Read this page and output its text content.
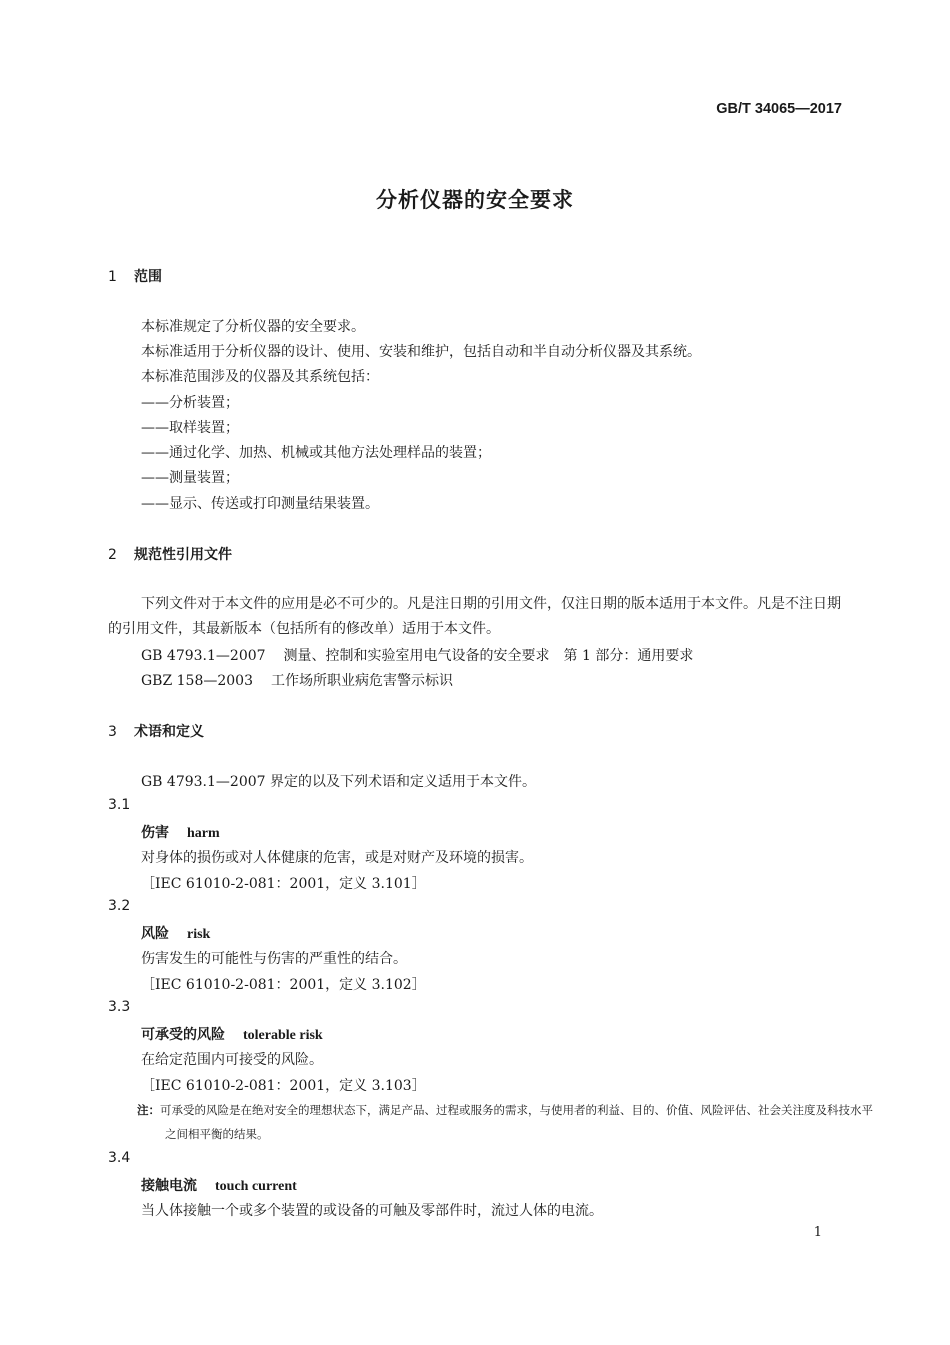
GB/T 34065—2017
分析仪器的安全要求
1 范围
本标准规定了分析仪器的安全要求。
本标准适用于分析仪器的设计、使用、安装和维护，包括自动和半自动分析仪器及其系统。
本标准范围涉及的仪器及其系统包括：
——分析装置；
——取样装置；
——通过化学、加热、机械或其他方法处理样品的装置；
——测量装置；
——显示、传送或打印测量结果装置。
2 规范性引用文件
下列文件对于本文件的应用是必不可少的。凡是注日期的引用文件，仅注日期的版本适用于本文件。凡是不注日期的引用文件，其最新版本（包括所有的修改单）适用于本文件。
GB 4793.1—2007 测量、控制和实验室用电气设备的安全要求　第 1 部分：通用要求
GBZ 158—2003 工作场所职业病危害警示标识
3 术语和定义
GB 4793.1—2007 界定的以及下列术语和定义适用于本文件。
3.1
伤害 harm
对身体的损伤或对人体健康的危害，或是对财产及环境的损害。
［IEC 61010-2-081：2001，定义 3.101］
3.2
风险 risk
伤害发生的可能性与伤害的严重性的结合。
［IEC 61010-2-081：2001，定义 3.102］
3.3
可承受的风险 tolerable risk
在给定范围内可接受的风险。
［IEC 61010-2-081：2001，定义 3.103］
注：可承受的风险是在绝对安全的理想状态下，满足产品、过程或服务的需求，与使用者的利益、目的、价值、风险评估、社会关注度及科技水平之间相平衡的结果。
3.4
接触电流 touch current
当人体接触一个或多个装置的或设备的可触及零部件时，流过人体的电流。
1
